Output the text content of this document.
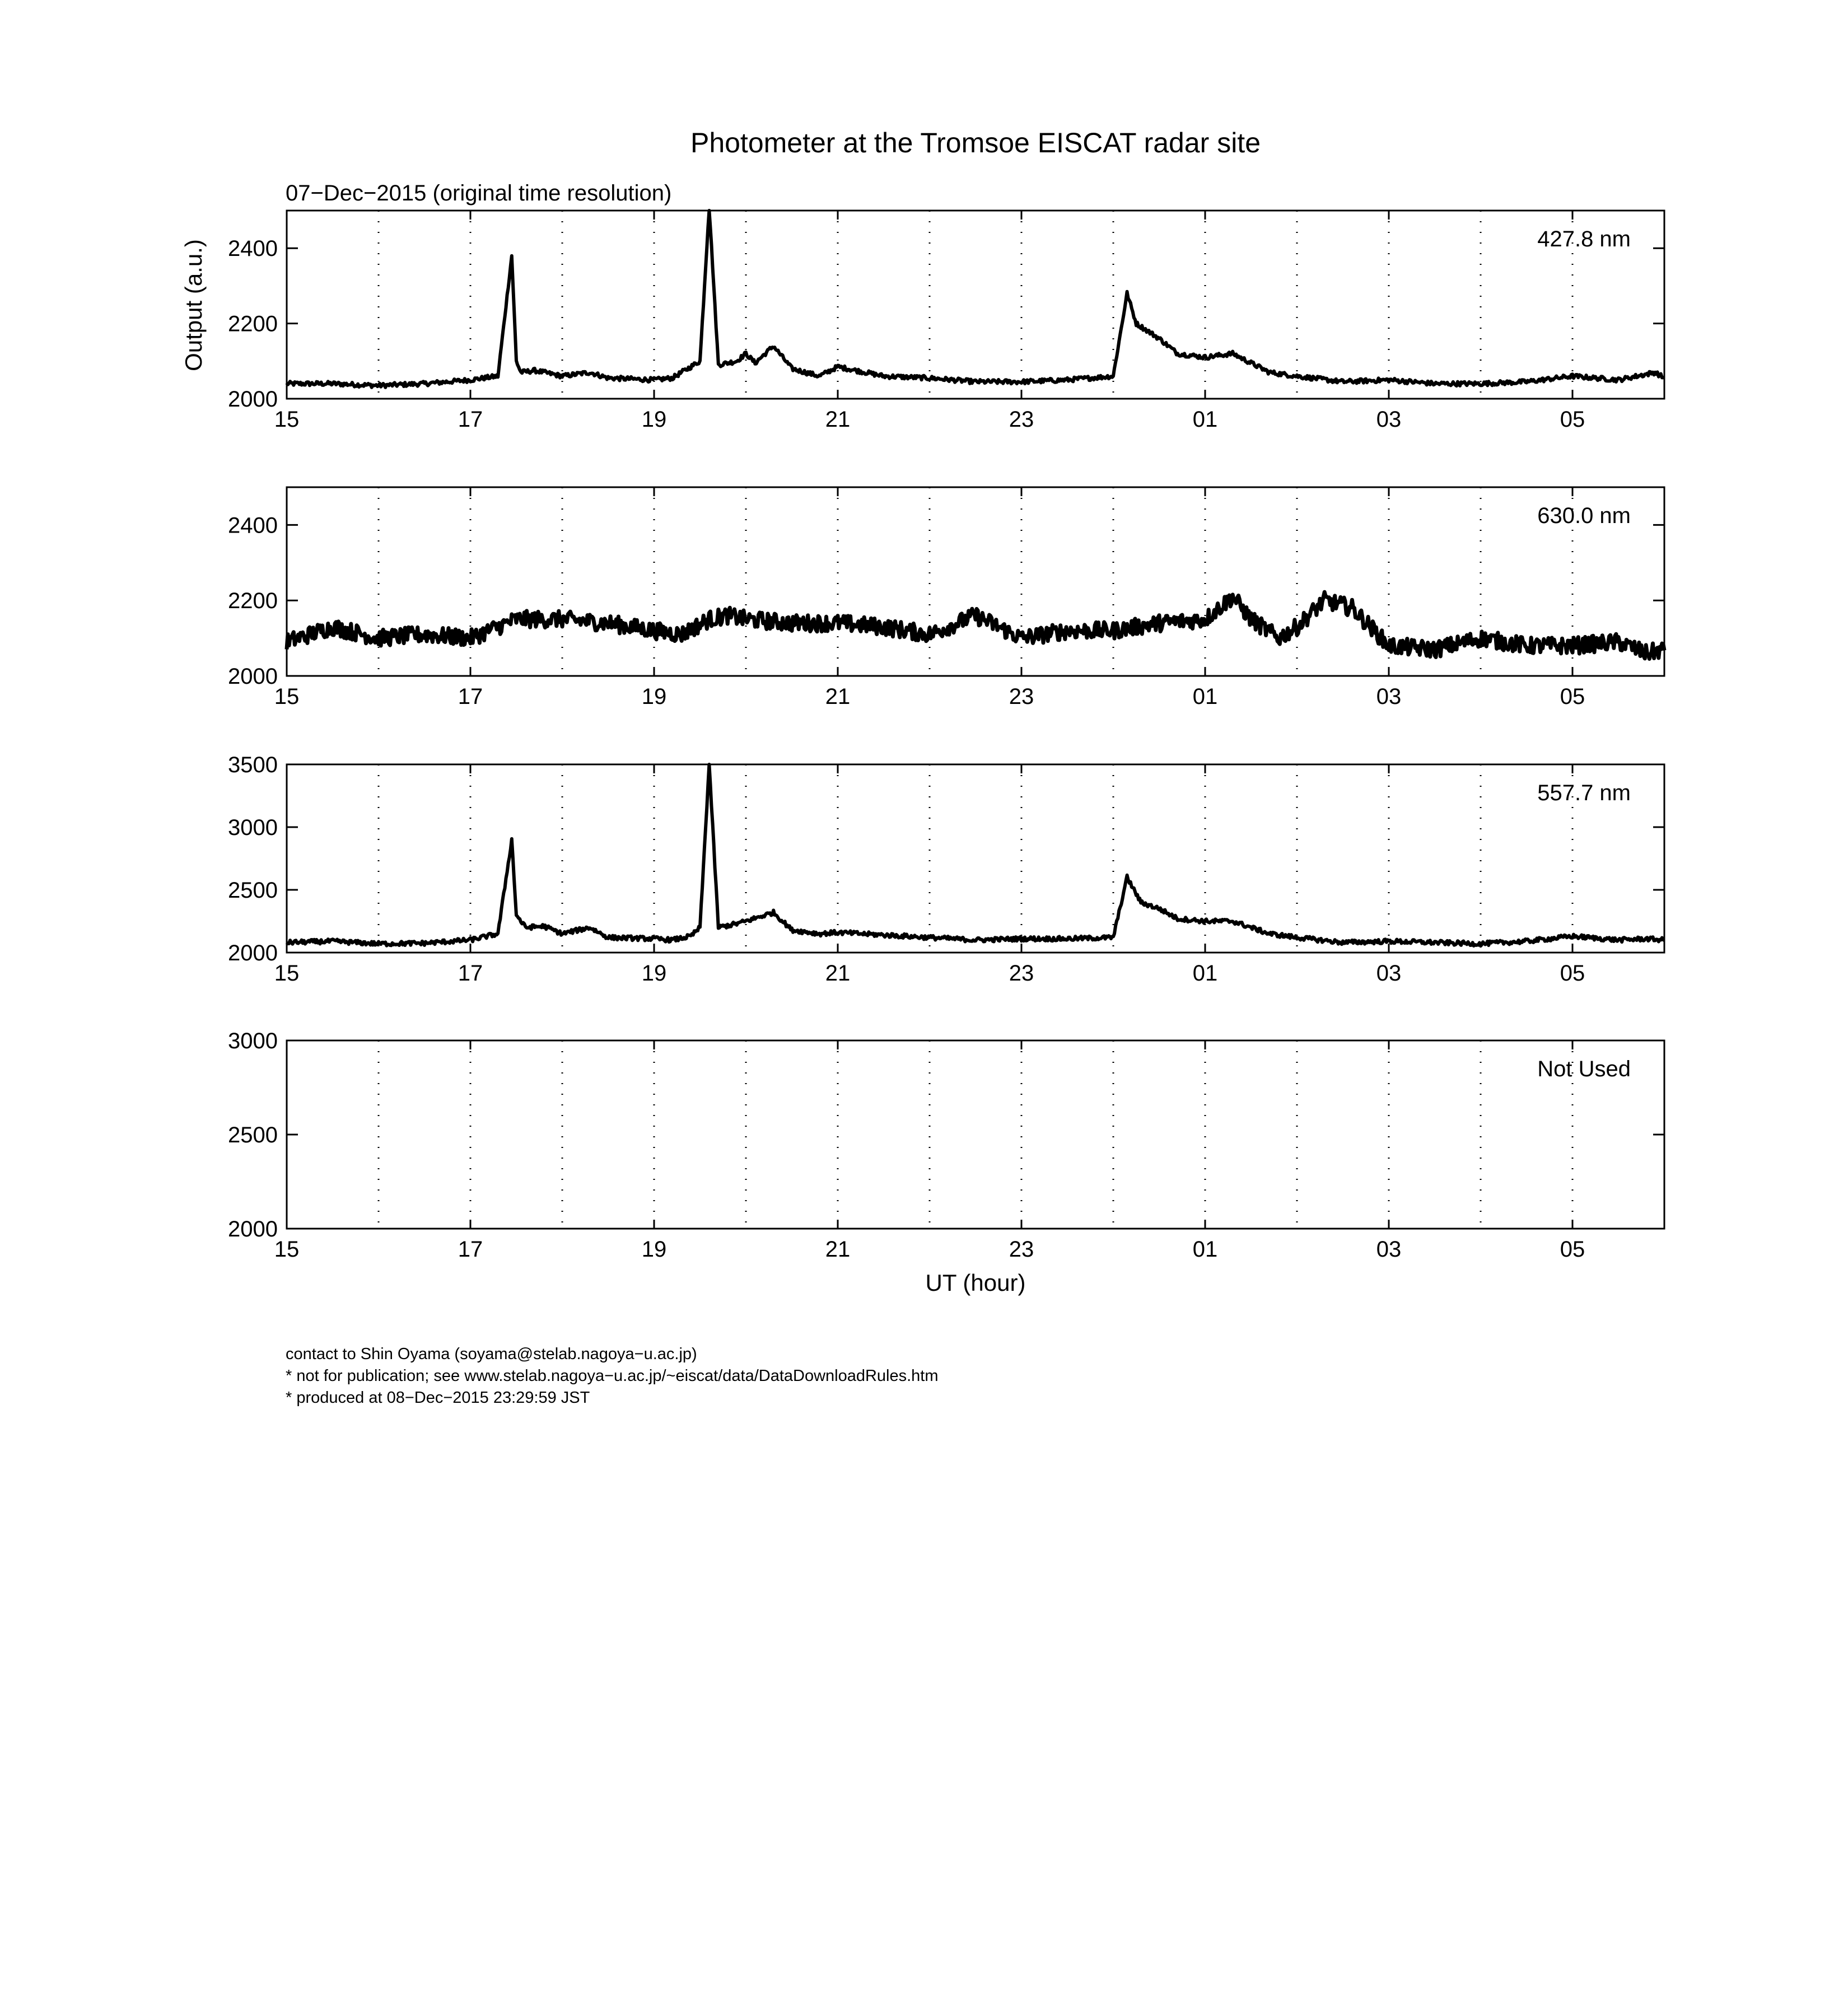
Photometer at the Tromsoe EISCAT radar site
07−Dec−2015 (original time resolution)
Output (a.u.)
UT (hour)
15	17	19	21	23	01	03	05
2000
2200
2400	427.8 nm
15	17	19	21	23	01	03	05
2000
2200
2400	630.0 nm
15	17	19	21	23	01	03	05
2000
2500
3000
3500
557.7 nm
15	17	19	21	23	01	03	05
2000
2500
3000
Not Used
contact to Shin Oyama (soyama@stelab.nagoya−u.ac.jp)
* not for publication; see www.stelab.nagoya−u.ac.jp/~eiscat/data/DataDownloadRules.htm
* produced at 08−Dec−2015 23:29:59 JST
